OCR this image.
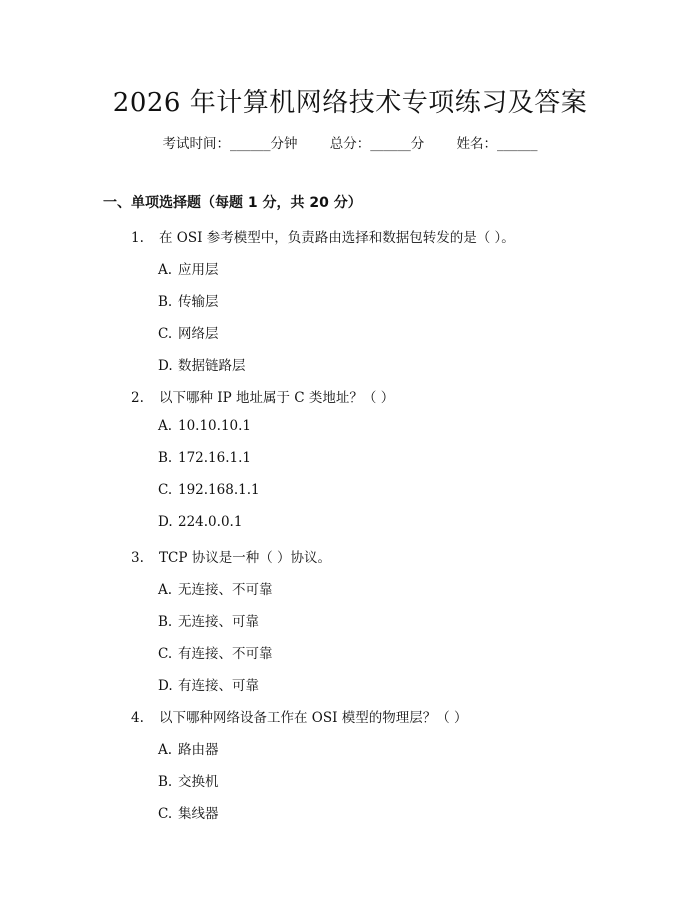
2026 年计算机网络技术专项练习及答案
考试时间：______分钟 总分：______分 姓名：______
一、单项选择题（每题 1 分，共 20 分）
1. 在 OSI 参考模型中，负责路由选择和数据包转发的是（ ）。
A. 应用层
B. 传输层
C. 网络层
D. 数据链路层
2. 以下哪种 IP 地址属于 C 类地址？（ ）
A. 10.10.10.1
B. 172.16.1.1
C. 192.168.1.1
D. 224.0.0.1
3. TCP 协议是一种（ ）协议。
A. 无连接、不可靠
B. 无连接、可靠
C. 有连接、不可靠
D. 有连接、可靠
4. 以下哪种网络设备工作在 OSI 模型的物理层？（ ）
A. 路由器
B. 交换机
C. 集线器
